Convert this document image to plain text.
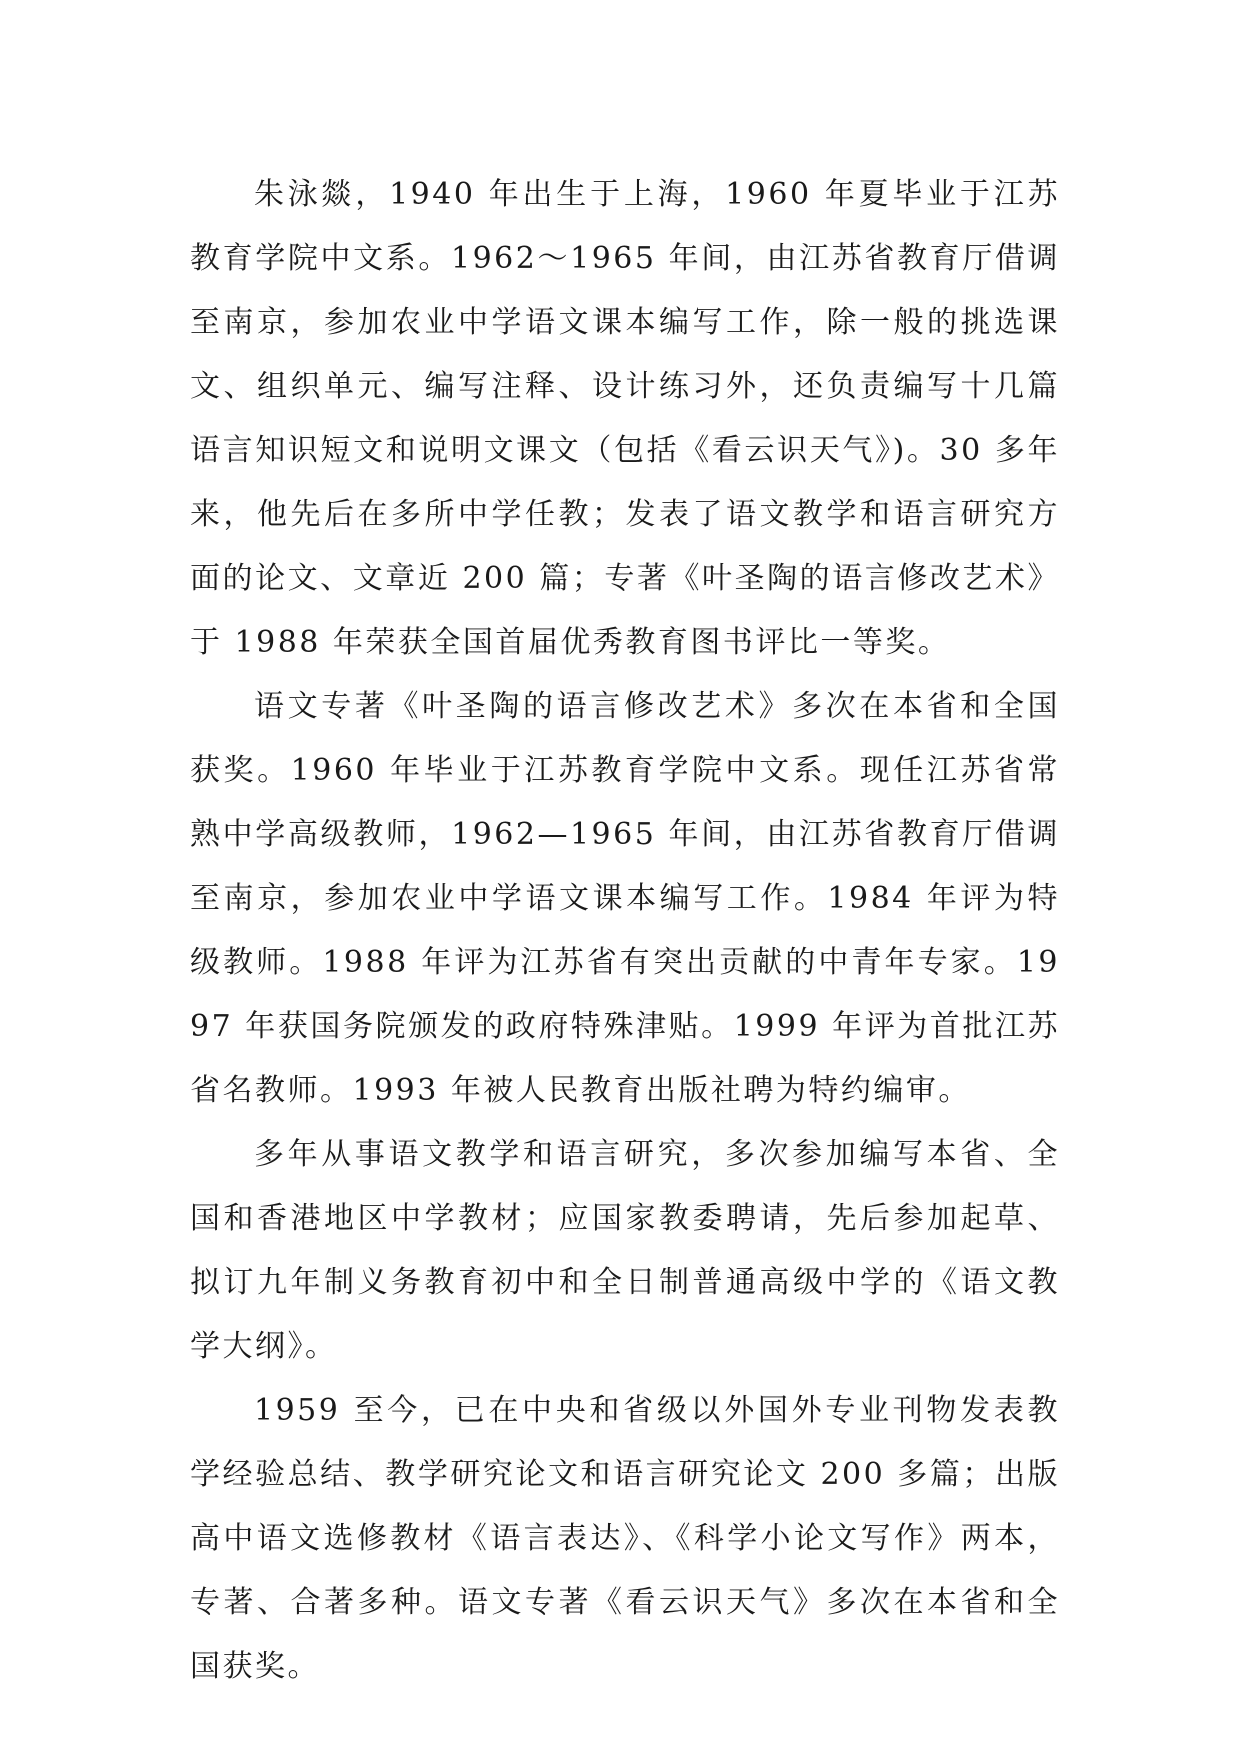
朱泳燚，1940 年出生于上海，1960 年夏毕业于江苏教育学院中文系。1962～1965 年间，由江苏省教育厅借调至南京，参加农业中学语文课本编写工作，除一般的挑选课文、组织单元、编写注释、设计练习外，还负责编写十几篇语言知识短文和说明文课文（包括《看云识天气》)。30 多年来，他先后在多所中学任教；发表了语文教学和语言研究方面的论文、文章近 200 篇；专著《叶圣陶的语言修改艺术》于 1988 年荣获全国首届优秀教育图书评比一等奖。

语文专著《叶圣陶的语言修改艺术》多次在本省和全国获奖。1960 年毕业于江苏教育学院中文系。现任江苏省常熟中学高级教师，1962—1965 年间，由江苏省教育厅借调至南京，参加农业中学语文课本编写工作。1984 年评为特级教师。1988 年评为江苏省有突出贡献的中青年专家。1997 年获国务院颁发的政府特殊津贴。1999 年评为首批江苏省名教师。1993 年被人民教育出版社聘为特约编审。

多年从事语文教学和语言研究，多次参加编写本省、全国和香港地区中学教材；应国家教委聘请，先后参加起草、拟订九年制义务教育初中和全日制普通高级中学的《语文教学大纲》。

1959 至今，已在中央和省级以外国外专业刊物发表教学经验总结、教学研究论文和语言研究论文 200 多篇；出版高中语文选修教材《语言表达》、《科学小论文写作》两本，专著、合著多种。语文专著《看云识天气》多次在本省和全国获奖。
